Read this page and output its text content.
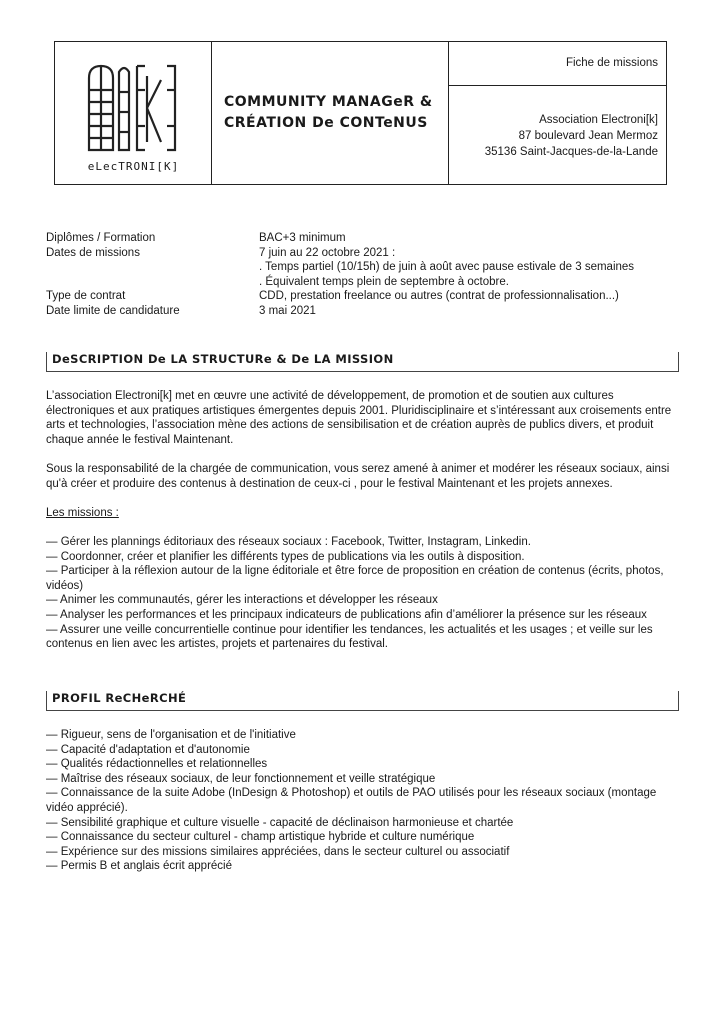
eLecTRONI[K]
COMMUNITY MANAGeR &
CRÉATION De CONTeNUS
Fiche de missions
Association Electroni[k]
87 boulevard Jean Mermoz
35136 Saint-Jacques-de-la-Lande
Diplômes / Formation	BAC+3 minimum
Dates de missions	7 juin au 22 octobre 2021 :
. Temps partiel (10/15h) de juin à août avec pause estivale de 3 semaines
. Équivalent temps plein de septembre à octobre.
Type de contrat	CDD, prestation freelance ou autres (contrat de professionnalisation...)
Date limite de candidature	3 mai 2021
DeSCRIPTION De LA STRUCTURe & De LA MISSION

L’association Electroni[k] met en œuvre une activité de développement, de promotion et de soutien aux cultures électroniques et aux pratiques artistiques émergentes depuis 2001. Pluridisciplinaire et s’intéressant aux croisements entre arts et technologies, l’association mène des actions de sensibilisation et de création auprès de publics divers, et produit chaque année le festival Maintenant.

Sous la responsabilité de la chargée de communication, vous serez amené à animer et modérer les réseaux sociaux, ainsi qu'à créer et produire des contenus à destination de ceux-ci , pour le festival Maintenant et les projets annexes.

Les missions :

— Gérer les plannings éditoriaux des réseaux sociaux : Facebook, Twitter, Instagram, Linkedin.

— Coordonner, créer et planifier les différents types de publications via les outils à disposition.

— Participer à la réflexion autour de la ligne éditoriale et être force de proposition en création de contenus (écrits, photos, vidéos)

— Animer les communautés, gérer les interactions et développer les réseaux

— Analyser les performances et les principaux indicateurs de publications afin d’améliorer la présence sur les réseaux

— Assurer une veille concurrentielle continue pour identifier les tendances, les actualités et les usages ; et veille sur les contenus en lien avec les artistes, projets et partenaires du festival.

PROFIL ReCHeRCHÉ

— Rigueur, sens de l'organisation et de l'initiative

— Capacité d'adaptation et d'autonomie

— Qualités rédactionnelles et relationnelles

— Maîtrise des réseaux sociaux, de leur fonctionnement et veille stratégique

— Connaissance de la suite Adobe (InDesign & Photoshop) et outils de PAO utilisés pour les réseaux sociaux (montage vidéo apprécié).

— Sensibilité graphique et culture visuelle - capacité de déclinaison harmonieuse et chartée

— Connaissance du secteur culturel - champ artistique hybride et culture numérique

— Expérience sur des missions similaires appréciées, dans le secteur culturel ou associatif

— Permis B et anglais écrit apprécié
